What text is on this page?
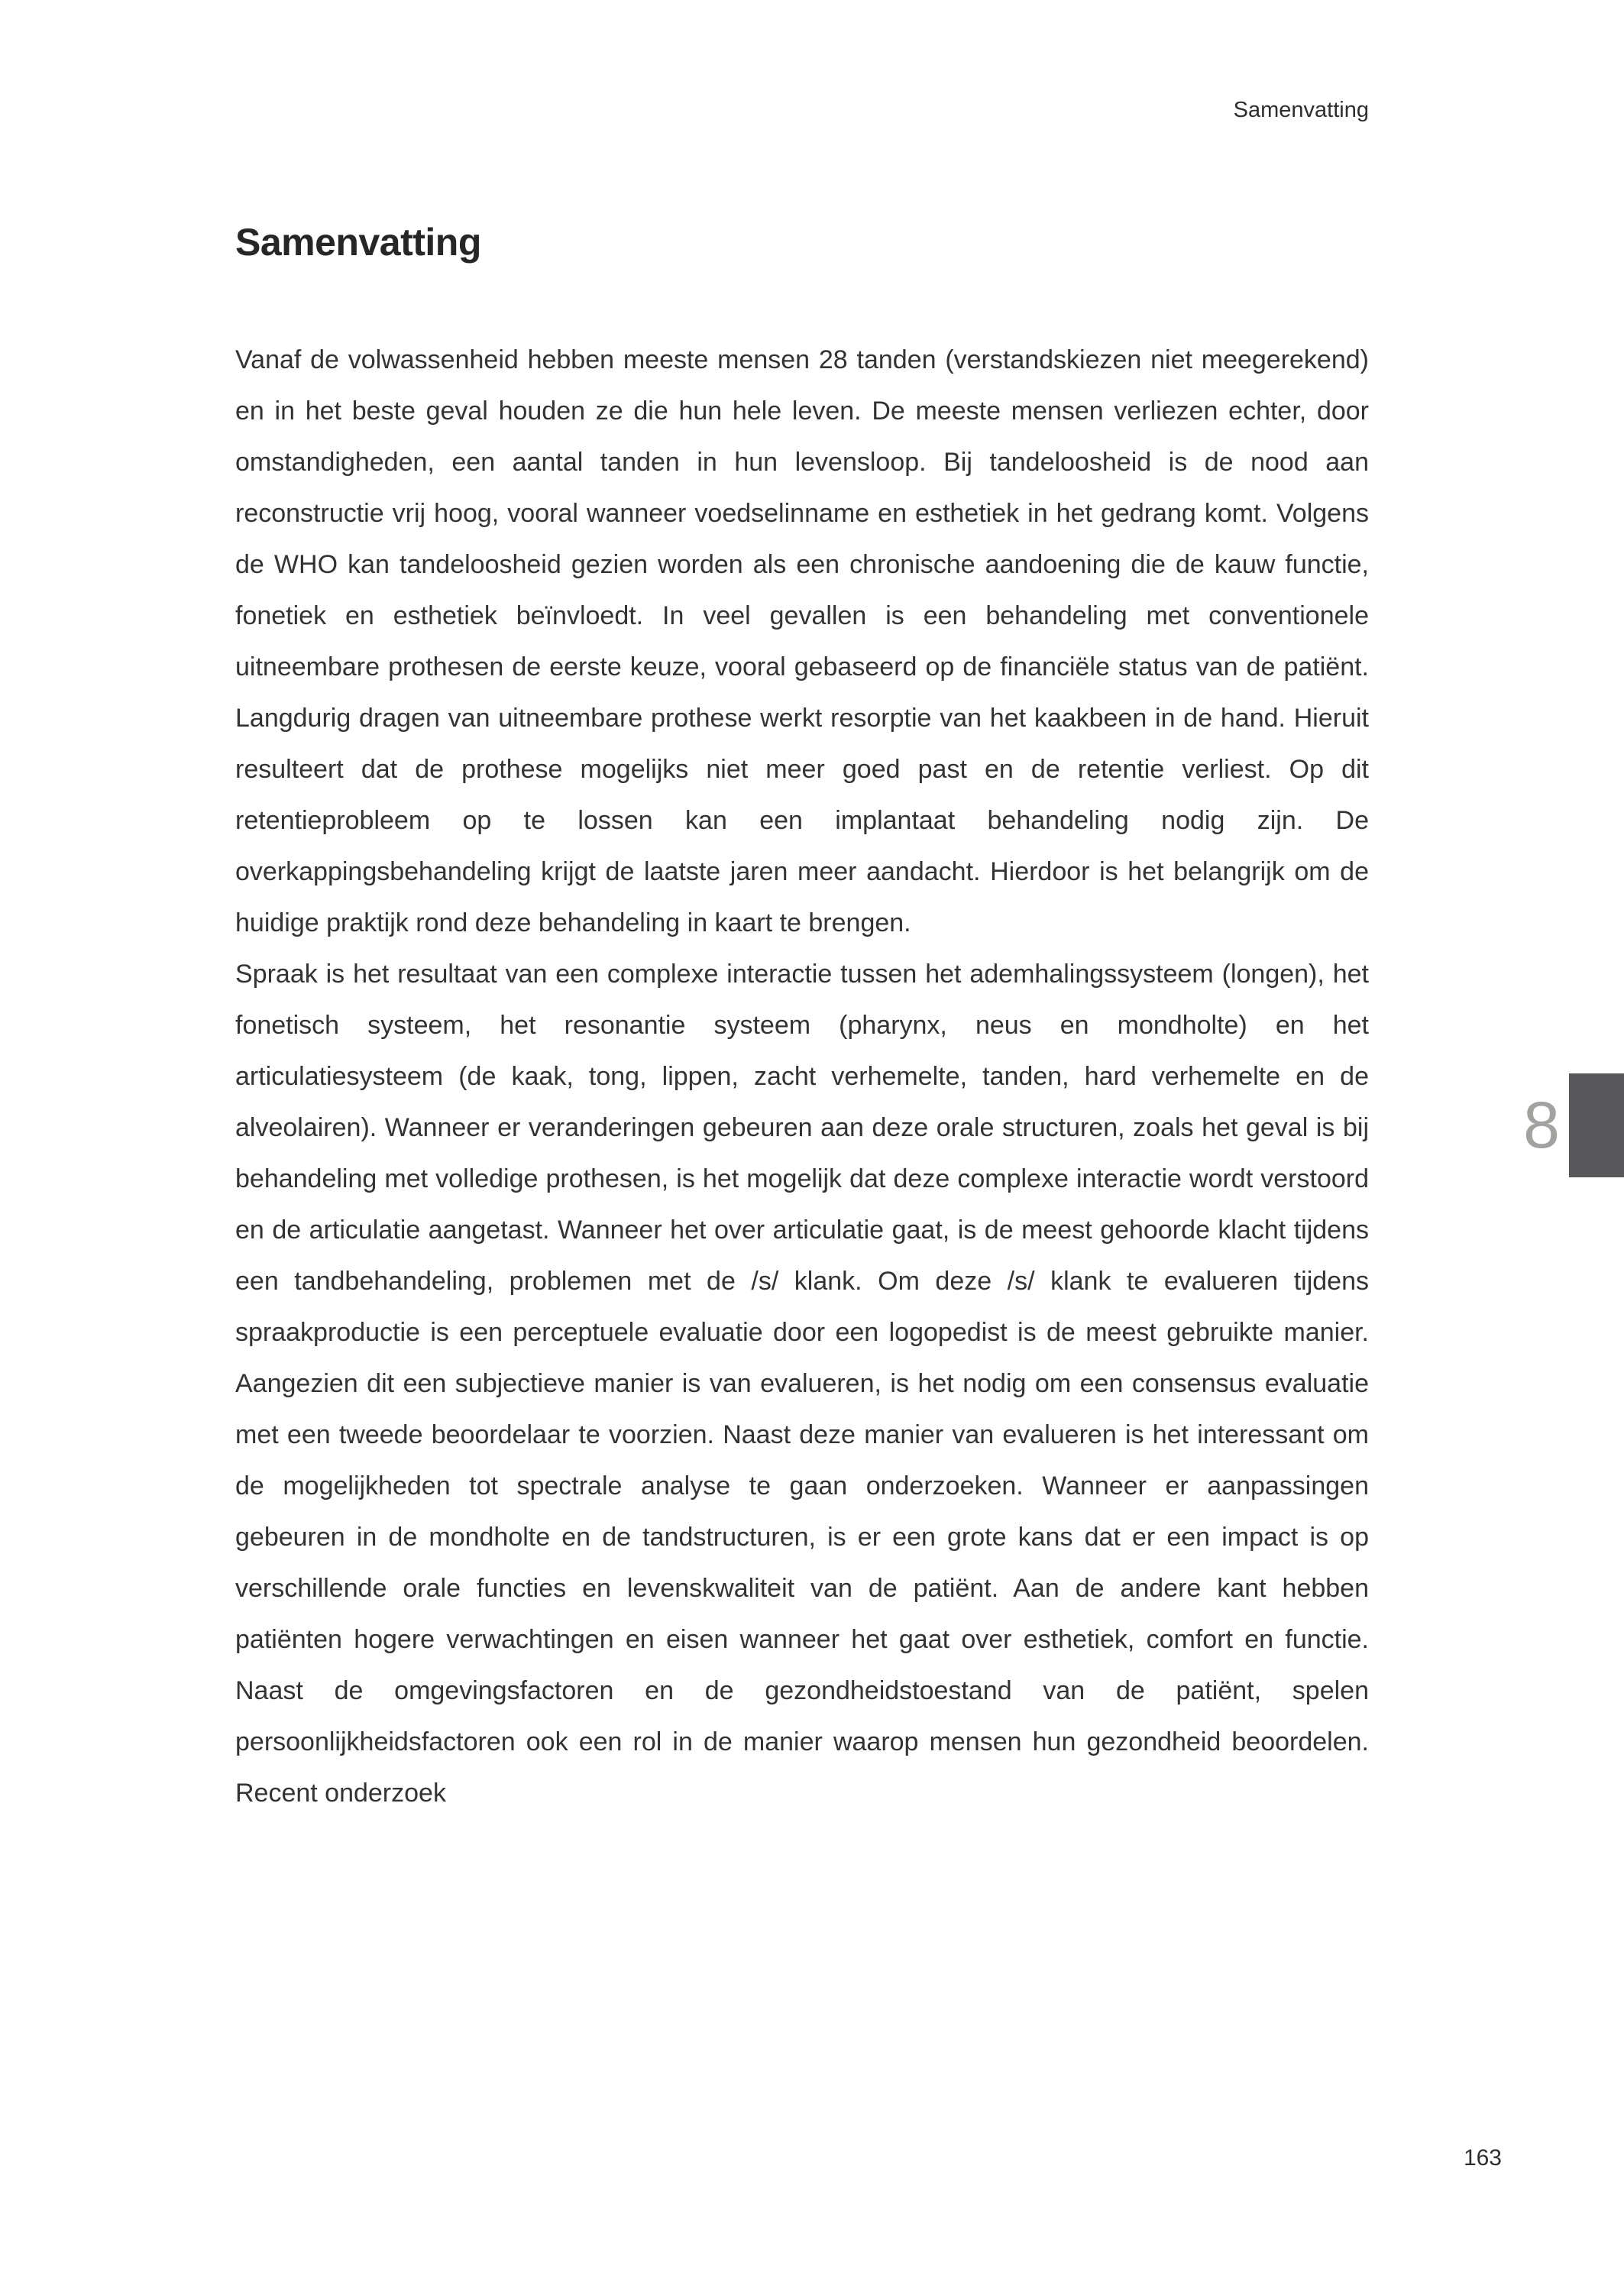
Samenvatting
Samenvatting

Vanaf de volwassenheid hebben meeste mensen 28 tanden (verstandskiezen niet meegerekend) en in het beste geval houden ze die hun hele leven. De meeste mensen verliezen echter, door omstandigheden, een aantal tanden in hun levensloop. Bij tandeloosheid is de nood aan reconstructie vrij hoog, vooral wanneer voedselinname en esthetiek in het gedrang komt. Volgens de WHO kan tandeloosheid gezien worden als een chronische aandoening die de kauw functie, fonetiek en esthetiek beïnvloedt. In veel gevallen is een behandeling met conventionele uitneembare prothesen de eerste keuze, vooral gebaseerd op de financiële status van de patiënt. Langdurig dragen van uitneembare prothese werkt resorptie van het kaakbeen in de hand. Hieruit resulteert dat de prothese mogelijks niet meer goed past en de retentie verliest. Op dit retentieprobleem op te lossen kan een implantaat behandeling nodig zijn. De overkappingsbehandeling krijgt de laatste jaren meer aandacht. Hierdoor is het belangrijk om de huidige praktijk rond deze behandeling in kaart te brengen.

Spraak is het resultaat van een complexe interactie tussen het ademhalingssysteem (longen), het fonetisch systeem, het resonantie systeem (pharynx, neus en mondholte) en het articulatiesysteem (de kaak, tong, lippen, zacht verhemelte, tanden, hard verhemelte en de alveolairen). Wanneer er veranderingen gebeuren aan deze orale structuren, zoals het geval is bij behandeling met volledige prothesen, is het mogelijk dat deze complexe interactie wordt verstoord en de articulatie aangetast. Wanneer het over articulatie gaat, is de meest gehoorde klacht tijdens een tandbehandeling, problemen met de /s/ klank. Om deze /s/ klank te evalueren tijdens spraakproductie is een perceptuele evaluatie door een logopedist is de meest gebruikte manier. Aangezien dit een subjectieve manier is van evalueren, is het nodig om een consensus evaluatie met een tweede beoordelaar te voorzien. Naast deze manier van evalueren is het interessant om de mogelijkheden tot spectrale analyse te gaan onderzoeken. Wanneer er aanpassingen gebeuren in de mondholte en de tandstructuren, is er een grote kans dat er een impact is op verschillende orale functies en levenskwaliteit van de patiënt. Aan de andere kant hebben patiënten hogere verwachtingen en eisen wanneer het gaat over esthetiek, comfort en functie. Naast de omgevingsfactoren en de gezondheidstoestand van de patiënt, spelen persoonlijkheidsfactoren ook een rol in de manier waarop mensen hun gezondheid beoordelen. Recent onderzoek

8
163
